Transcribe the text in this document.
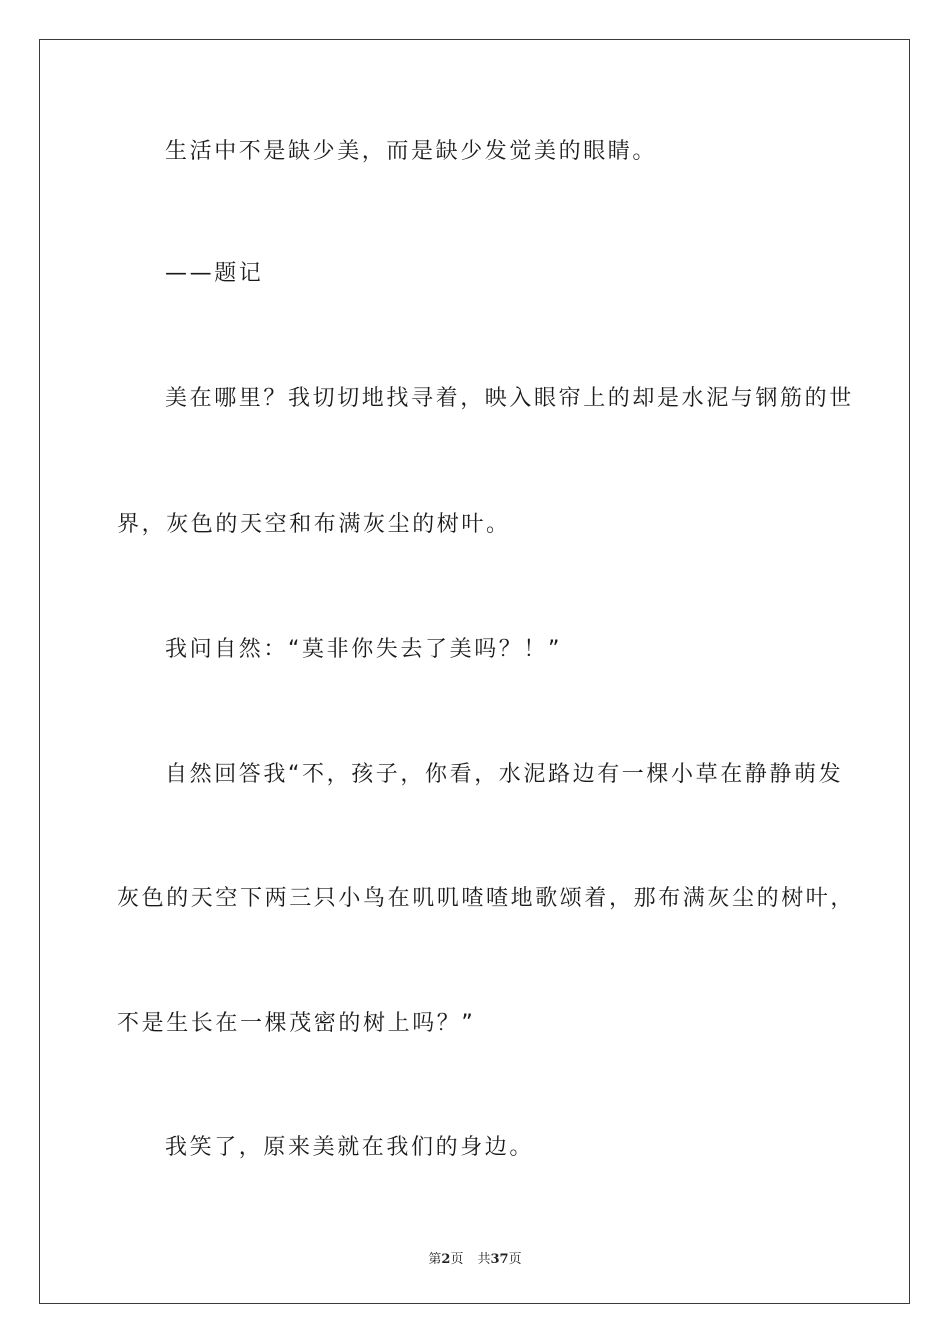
生活中不是缺少美，而是缺少发觉美的眼睛。
——题记
美在哪里？我切切地找寻着，映入眼帘上的却是水泥与钢筋的世
界，灰色的天空和布满灰尘的树叶。
我问自然：“莫非你失去了美吗？！”
自然回答我“不，孩子，你看，水泥路边有一棵小草在静静萌发
灰色的天空下两三只小鸟在叽叽喳喳地歌颂着，那布满灰尘的树叶，
不是生长在一棵茂密的树上吗？”
我笑了，原来美就在我们的身边。
第2页 共37页
